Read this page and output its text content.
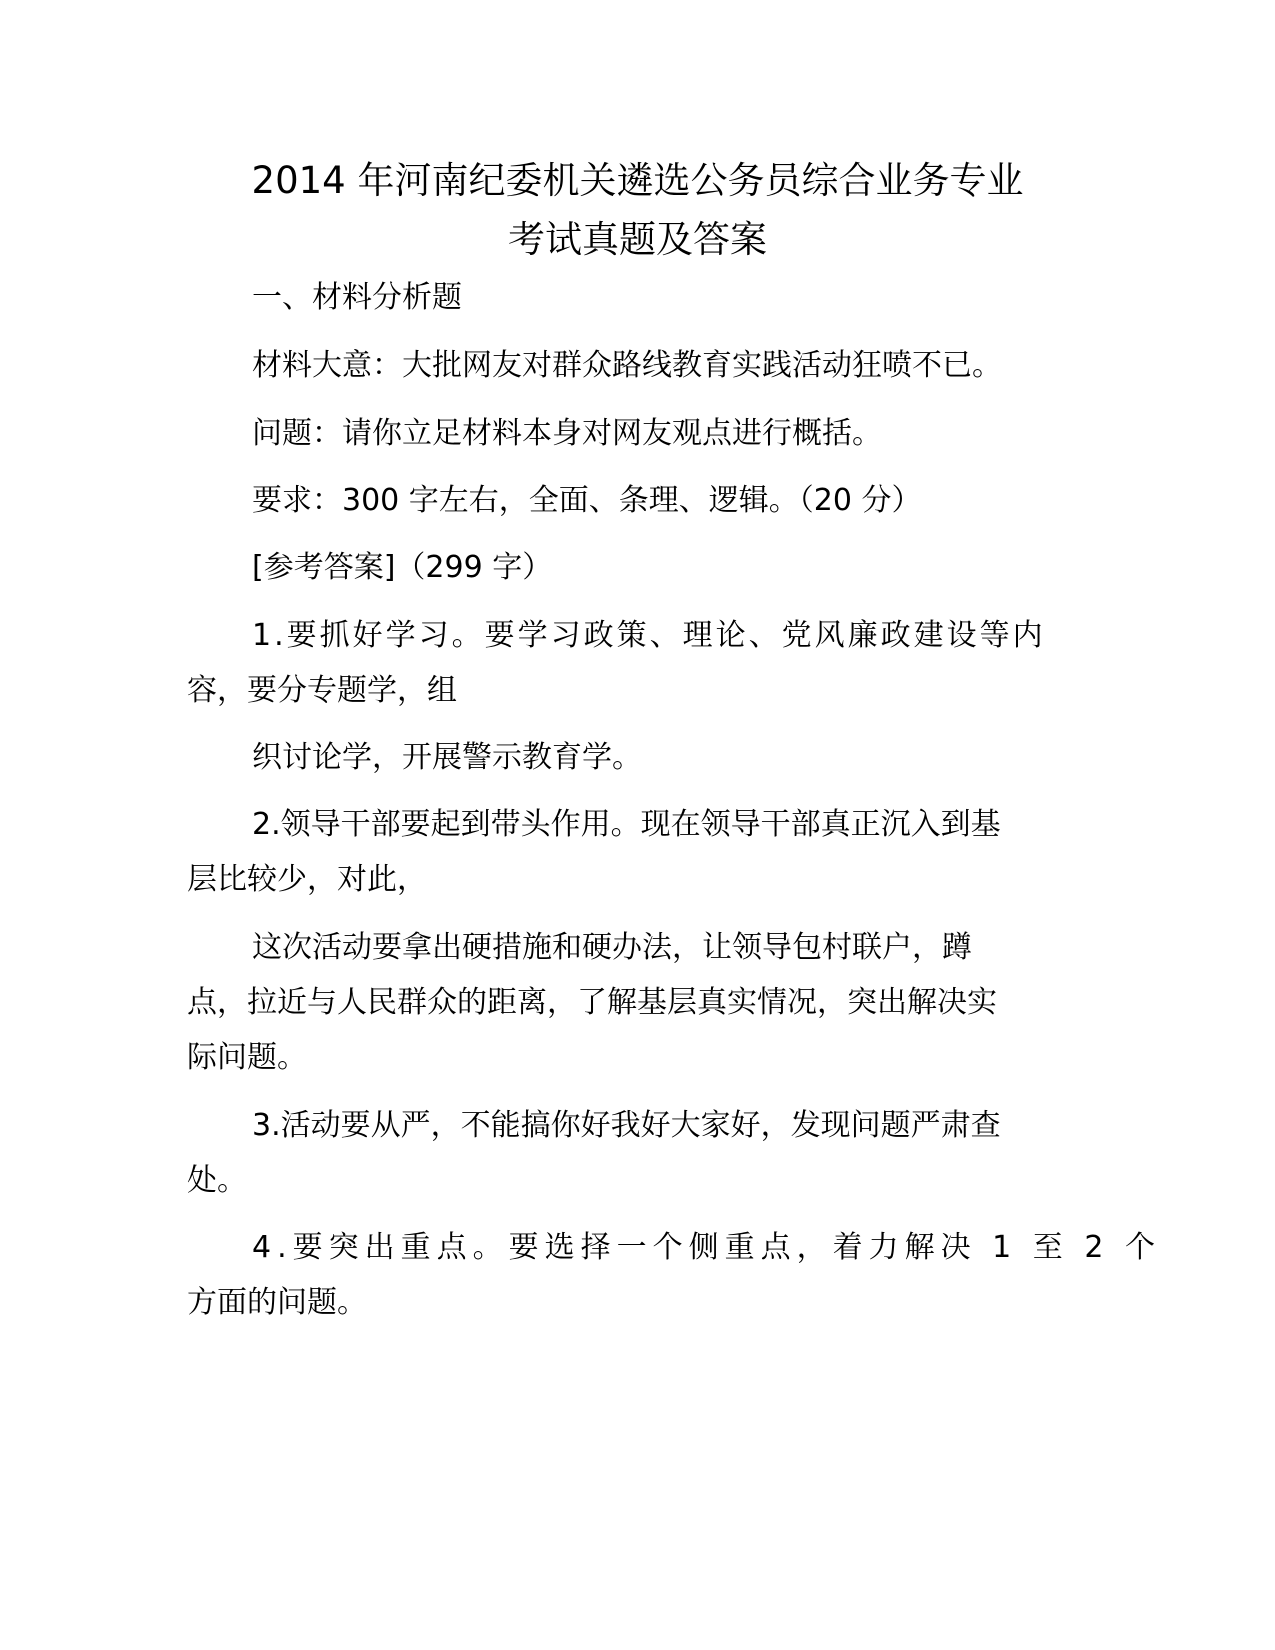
2014 年河南纪委机关遴选公务员综合业务专业
考试真题及答案

一、材料分析题

材料大意：大批网友对群众路线教育实践活动狂喷不已。

问题：请你立足材料本身对网友观点进行概括。

要求：300 字左右，全面、条理、逻辑。（20 分）

[参考答案]（299 字）

1.要抓好学习。要学习政策、理论、党风廉政建设等内

容，要分专题学，组

织讨论学，开展警示教育学。

2.领导干部要起到带头作用。现在领导干部真正沉入到基

层比较少，对此，

这次活动要拿出硬措施和硬办法，让领导包村联户，蹲

点，拉近与人民群众的距离，了解基层真实情况，突出解决实

际问题。

3.活动要从严，不能搞你好我好大家好，发现问题严肃查

处。

4.要突出重点。要选择一个侧重点，着力解决 1 至 2 个

方面的问题。
